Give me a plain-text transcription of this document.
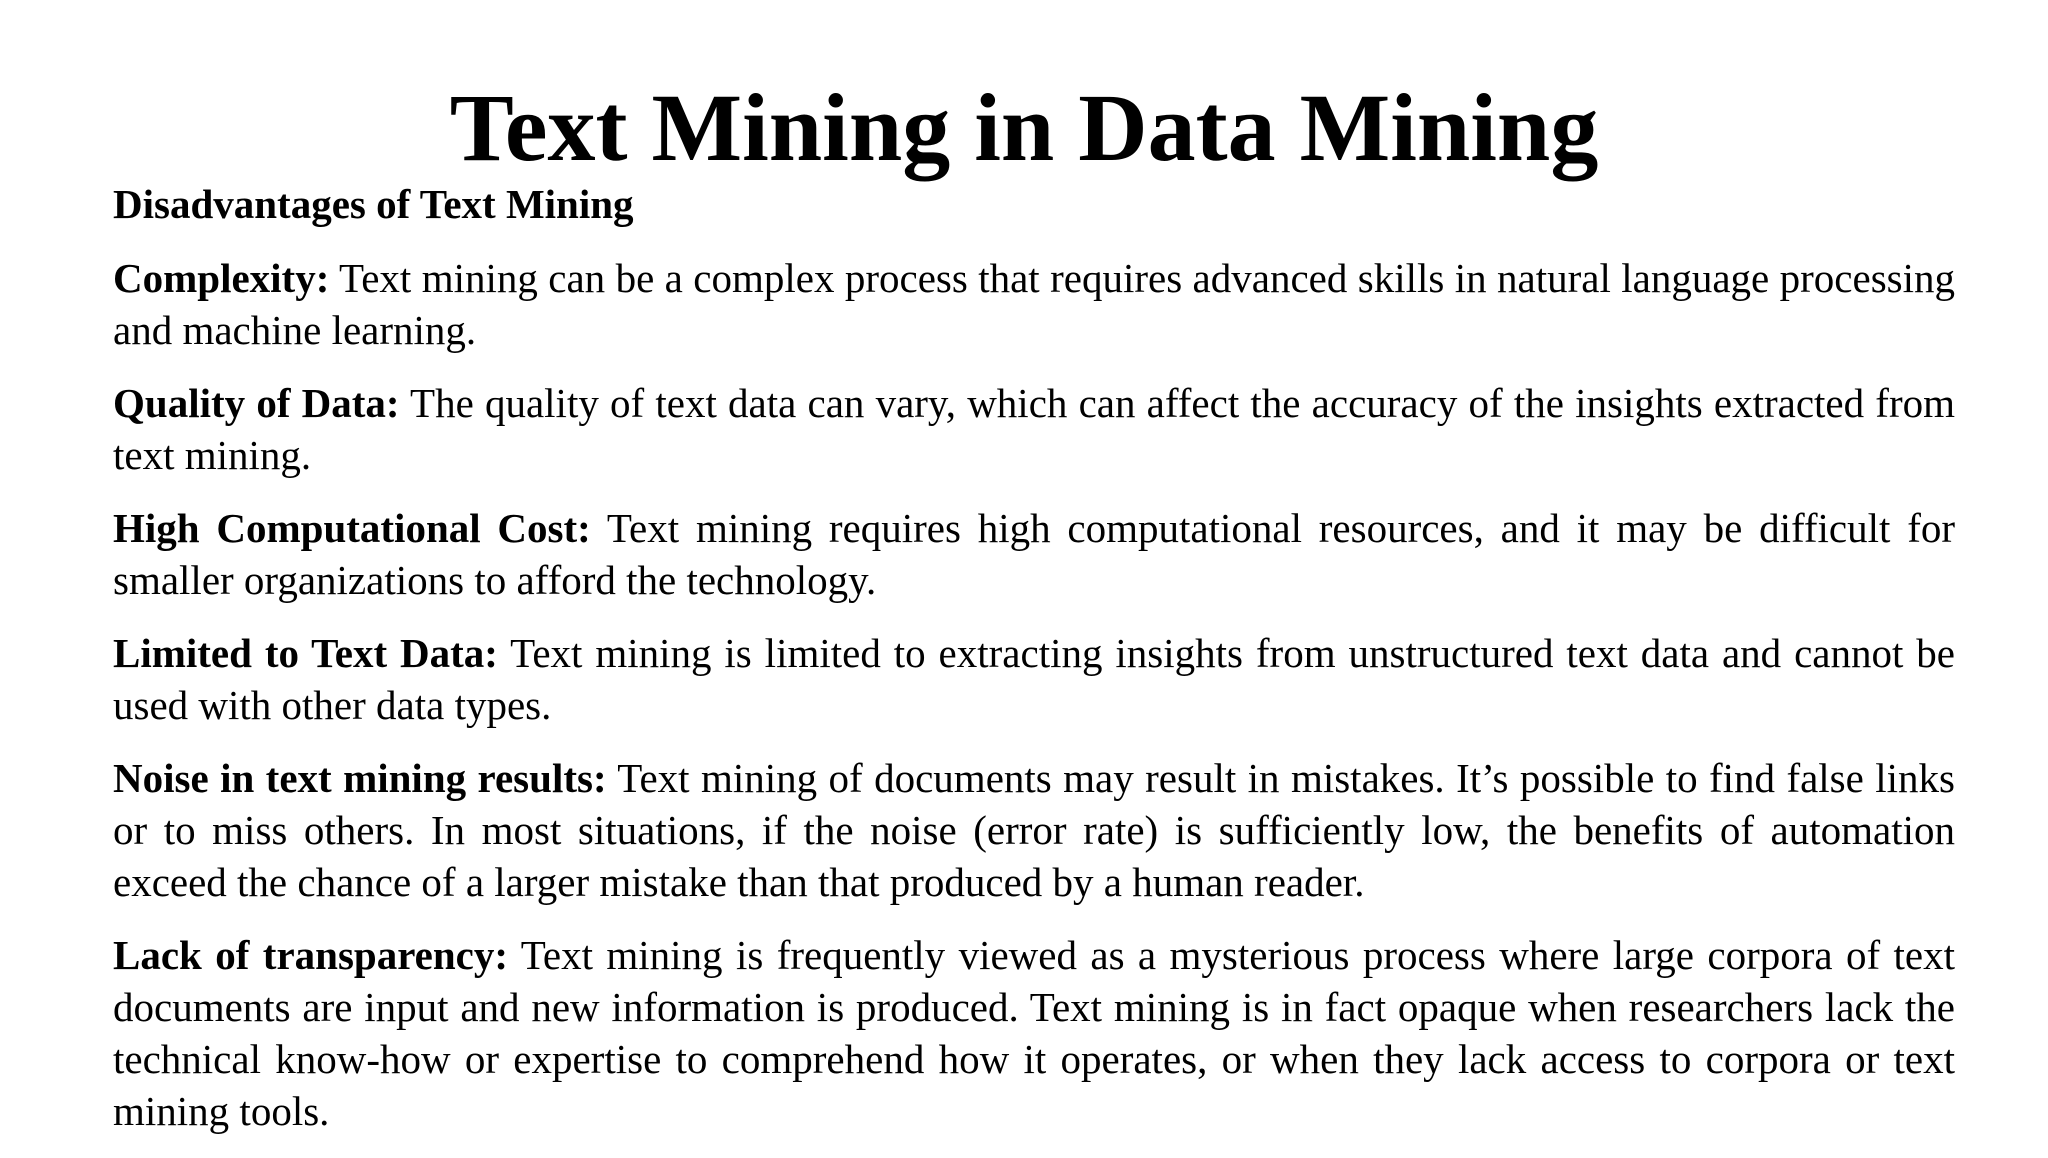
Text Mining in Data Mining

Disadvantages of Text Mining

Complexity: Text mining can be a complex process that requires advanced skills in natural language processing and machine learning.

Quality of Data: The quality of text data can vary, which can affect the accuracy of the insights extracted from text mining.

High Computational Cost: Text mining requires high computational resources, and it may be difficult for smaller organizations to afford the technology.

Limited to Text Data: Text mining is limited to extracting insights from unstructured text data and cannot be used with other data types.

Noise in text mining results: Text mining of documents may result in mistakes. It’s possible to find false links or to miss others. In most situations, if the noise (error rate) is sufficiently low, the benefits of automation exceed the chance of a larger mistake than that produced by a human reader.

Lack of transparency: Text mining is frequently viewed as a mysterious process where large corpora of text documents are input and new information is produced. Text mining is in fact opaque when researchers lack the technical know-how or expertise to comprehend how it operates, or when they lack access to corpora or text mining tools.
